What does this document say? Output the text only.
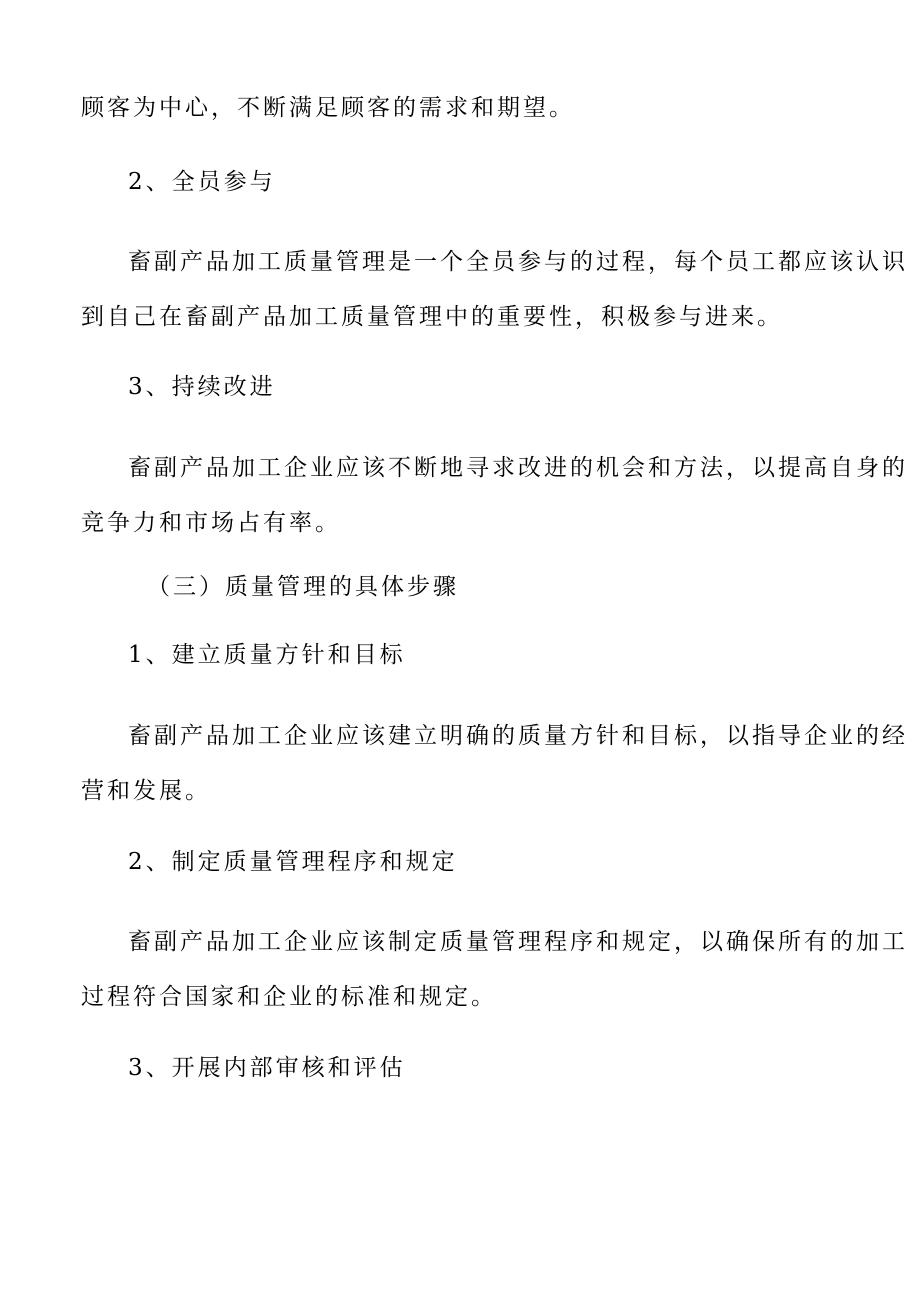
顾客为中心，不断满足顾客的需求和期望。
2、全员参与
畜副产品加工质量管理是一个全员参与的过程，每个员工都应该认识
到自己在畜副产品加工质量管理中的重要性，积极参与进来。
3、持续改进
畜副产品加工企业应该不断地寻求改进的机会和方法，以提高自身的
竞争力和市场占有率。
（三）质量管理的具体步骤
1、建立质量方针和目标
畜副产品加工企业应该建立明确的质量方针和目标，以指导企业的经
营和发展。
2、制定质量管理程序和规定
畜副产品加工企业应该制定质量管理程序和规定，以确保所有的加工
过程符合国家和企业的标准和规定。
3、开展内部审核和评估
